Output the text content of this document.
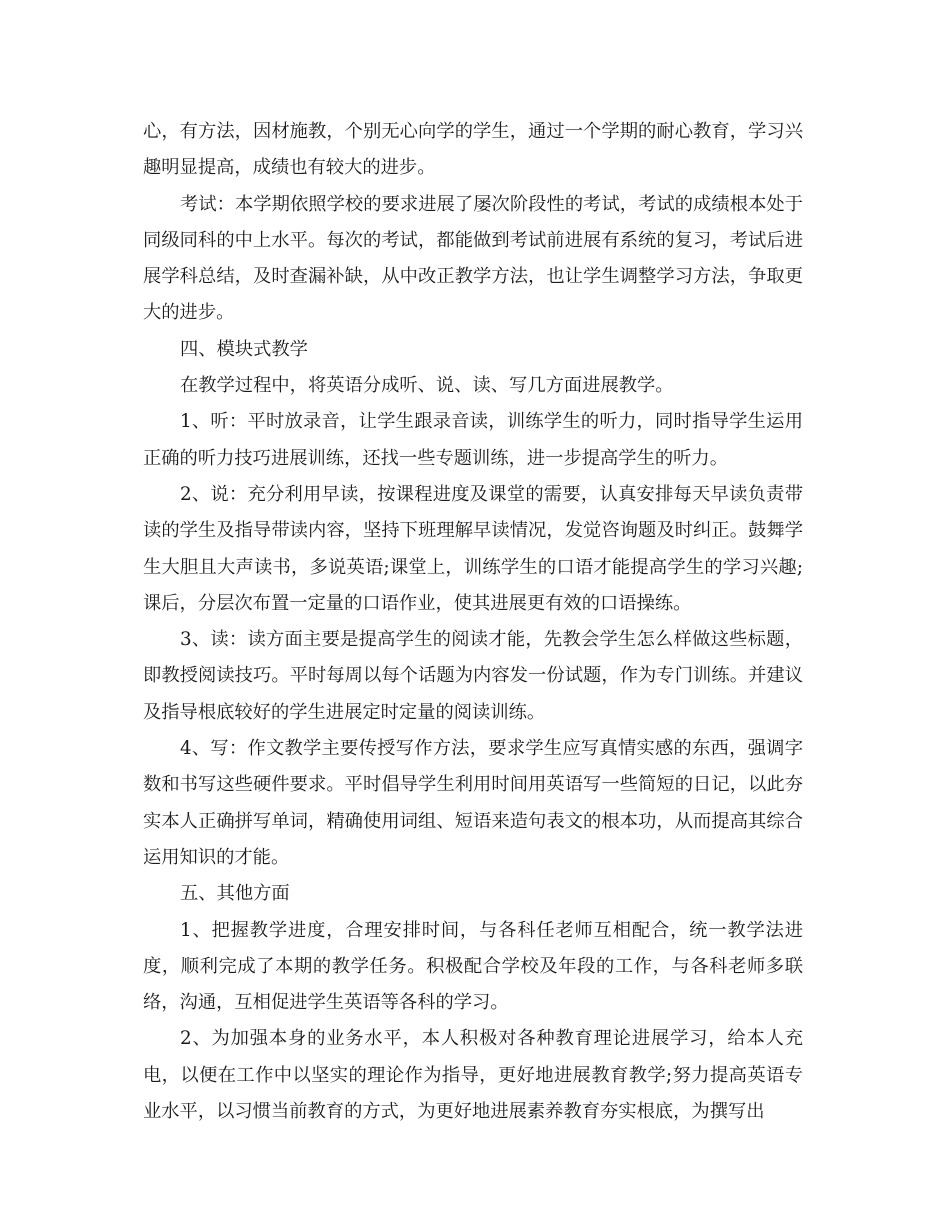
心，有方法，因材施教，个别无心向学的学生，通过一个学期的耐心教育，学习兴趣明显提高，成绩也有较大的进步。

考试：本学期依照学校的要求进展了屡次阶段性的考试，考试的成绩根本处于同级同科的中上水平。每次的考试，都能做到考试前进展有系统的复习，考试后进展学科总结，及时查漏补缺，从中改正教学方法，也让学生调整学习方法，争取更大的进步。

四、模块式教学

在教学过程中，将英语分成听、说、读、写几方面进展教学。

1、听：平时放录音，让学生跟录音读，训练学生的听力，同时指导学生运用正确的听力技巧进展训练，还找一些专题训练，进一步提高学生的听力。

2、说：充分利用早读，按课程进度及课堂的需要，认真安排每天早读负责带读的学生及指导带读内容，坚持下班理解早读情况，发觉咨询题及时纠正。鼓舞学生大胆且大声读书，多说英语;课堂上，训练学生的口语才能提高学生的学习兴趣;课后，分层次布置一定量的口语作业，使其进展更有效的口语操练。

3、读：读方面主要是提高学生的阅读才能，先教会学生怎么样做这些标题，即教授阅读技巧。平时每周以每个话题为内容发一份试题，作为专门训练。并建议及指导根底较好的学生进展定时定量的阅读训练。

4、写：作文教学主要传授写作方法，要求学生应写真情实感的东西，强调字数和书写这些硬件要求。平时倡导学生利用时间用英语写一些简短的日记，以此夯实本人正确拼写单词，精确使用词组、短语来造句表文的根本功，从而提高其综合运用知识的才能。

五、其他方面

1、把握教学进度，合理安排时间，与各科任老师互相配合，统一教学法进度，顺利完成了本期的教学任务。积极配合学校及年段的工作，与各科老师多联络，沟通，互相促进学生英语等各科的学习。

2、为加强本身的业务水平，本人积极对各种教育理论进展学习，给本人充电，以便在工作中以坚实的理论作为指导，更好地进展教育教学;努力提高英语专业水平，以习惯当前教育的方式，为更好地进展素养教育夯实根底，为撰写出
